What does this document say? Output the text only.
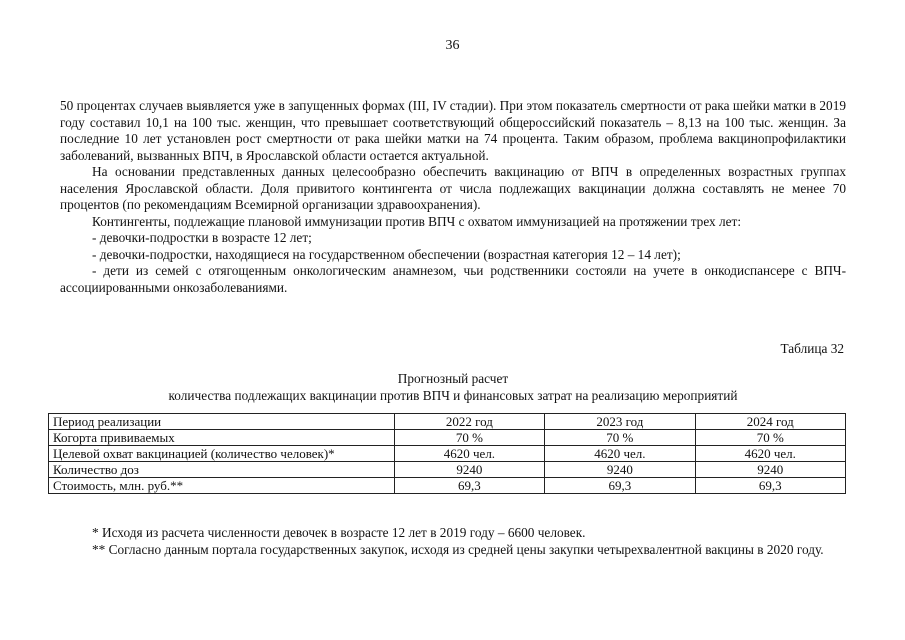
36

50 процентах случаев выявляется уже в запущенных формах (III, IV стадии). При этом показатель смертности от рака шейки матки в 2019 году составил 10,1 на 100 тыс. женщин, что превышает соответствующий общероссийский показатель – 8,13 на 100 тыс. женщин. За последние 10 лет установлен рост смертности от рака шейки матки на 74 процента. Таким образом, проблема вакцинопрофилактики заболеваний, вызванных ВПЧ, в Ярославской области остается актуальной.

На основании представленных данных целесообразно обеспечить вакцинацию от ВПЧ в определенных возрастных группах населения Ярославской области. Доля привитого контингента от числа подлежащих вакцинации должна составлять не менее 70 процентов (по рекомендациям Всемирной организации здравоохранения).

Контингенты, подлежащие плановой иммунизации против ВПЧ с охватом иммунизацией на протяжении трех лет:

- девочки-подростки в возрасте 12 лет;

- девочки-подростки, находящиеся на государственном обеспечении (возрастная категория 12 – 14 лет);

- дети из семей с отягощенным онкологическим анамнезом, чьи родственники состояли на учете в онкодиспансере с ВПЧ-ассоциированными онкозаболеваниями.

Таблица 32
Прогнозный расчет
количества подлежащих вакцинации против ВПЧ и финансовых затрат на реализацию мероприятий
Период реализации	2022 год	2023 год	2024 год
Когорта прививаемых	70 %	70 %	70 %
Целевой охват вакцинацией (количество человек)*	4620 чел.	4620 чел.	4620 чел.
Количество доз	9240	9240	9240
Стоимость, млн. руб.**	69,3	69,3	69,3

* Исходя из расчета численности девочек в возрасте 12 лет в 2019 году – 6600 человек.

** Согласно данным портала государственных закупок, исходя из средней цены закупки четырехвалентной вакцины в 2020 году.
